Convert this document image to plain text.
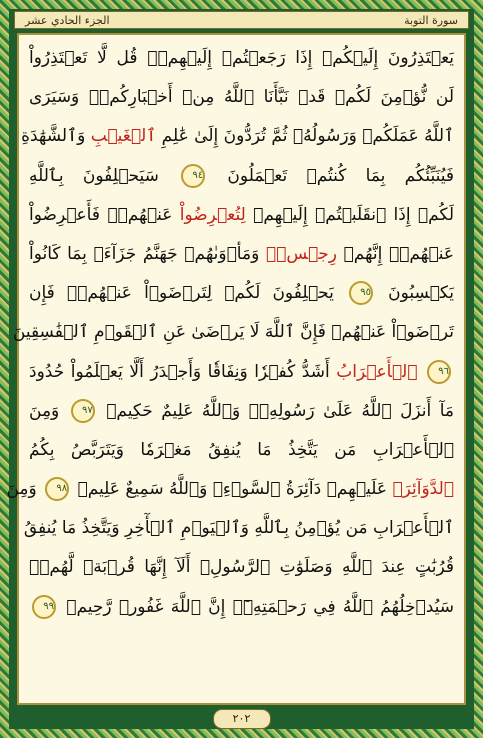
الجزء الحادي عشر	سورة التوبة
يَعۡتَذِرُونَ إِلَيۡكُمۡ إِذَا رَجَعۡتُمۡ إِلَيۡهِمۡۚ قُل لَّا تَعۡتَذِرُواْ
لَن نُّؤۡمِنَ لَكُمۡ قَدۡ نَبَّأَنَا ٱللَّهُ مِنۡ أَخۡبَارِكُمۡۚ وَسَيَرَى
ٱللَّهُ عَمَلَكُمۡ وَرَسُولُهُۥ ثُمَّ تُرَدُّونَ إِلَىٰ عَٰلِمِ ٱلۡغَيۡبِ وَٱلشَّهَٰدَةِ
فَيُنَبِّئُكُم بِمَا كُنتُمۡ تَعۡمَلُونَ ٩٤ سَيَحۡلِفُونَ بِٱللَّهِ
لَكُمۡ إِذَا ٱنقَلَبۡتُمۡ إِلَيۡهِمۡ لِتُعۡرِضُواْ عَنۡهُمۡۖ فَأَعۡرِضُواْ
عَنۡهُمۡۖ إِنَّهُمۡ رِجۡسٞۖ وَمَأۡوَىٰهُمۡ جَهَنَّمُ جَزَآءَۢ بِمَا كَانُواْ
يَكۡسِبُونَ ٩٥ يَحۡلِفُونَ لَكُمۡ لِتَرۡضَوۡاْ عَنۡهُمۡۖ فَإِن
تَرۡضَوۡاْ عَنۡهُمۡ فَإِنَّ ٱللَّهَ لَا يَرۡضَىٰ عَنِ ٱلۡقَوۡمِ ٱلۡفَٰسِقِينَ
٩٦ ٱلۡأَعۡرَابُ أَشَدُّ كُفۡرٗا وَنِفَاقٗا وَأَجۡدَرُ أَلَّا يَعۡلَمُواْ حُدُودَ
مَآ أَنزَلَ ٱللَّهُ عَلَىٰ رَسُولِهِۦۗ وَٱللَّهُ عَلِيمٌ حَكِيمٞ ٩٧ وَمِنَ
ٱلۡأَعۡرَابِ مَن يَتَّخِذُ مَا يُنفِقُ مَغۡرَمٗا وَيَتَرَبَّصُ بِكُمُ
ٱلدَّوَآئِرَۚ عَلَيۡهِمۡ دَآئِرَةُ ٱلسَّوۡءِۗ وَٱللَّهُ سَمِيعٌ عَلِيمٞ ٩٨ وَمِنَ
ٱلۡأَعۡرَابِ مَن يُؤۡمِنُ بِٱللَّهِ وَٱلۡيَوۡمِ ٱلۡأٓخِرِ وَيَتَّخِذُ مَا يُنفِقُ
قُرُبَٰتٍ عِندَ ٱللَّهِ وَصَلَوَٰتِ ٱلرَّسُولِۚ أَلَآ إِنَّهَا قُرۡبَةٞ لَّهُمۡۚ
سَيُدۡخِلُهُمُ ٱللَّهُ فِي رَحۡمَتِهِۦٓۚ إِنَّ ٱللَّهَ غَفُورٞ رَّحِيمٞ ٩٩
٢٠٢
